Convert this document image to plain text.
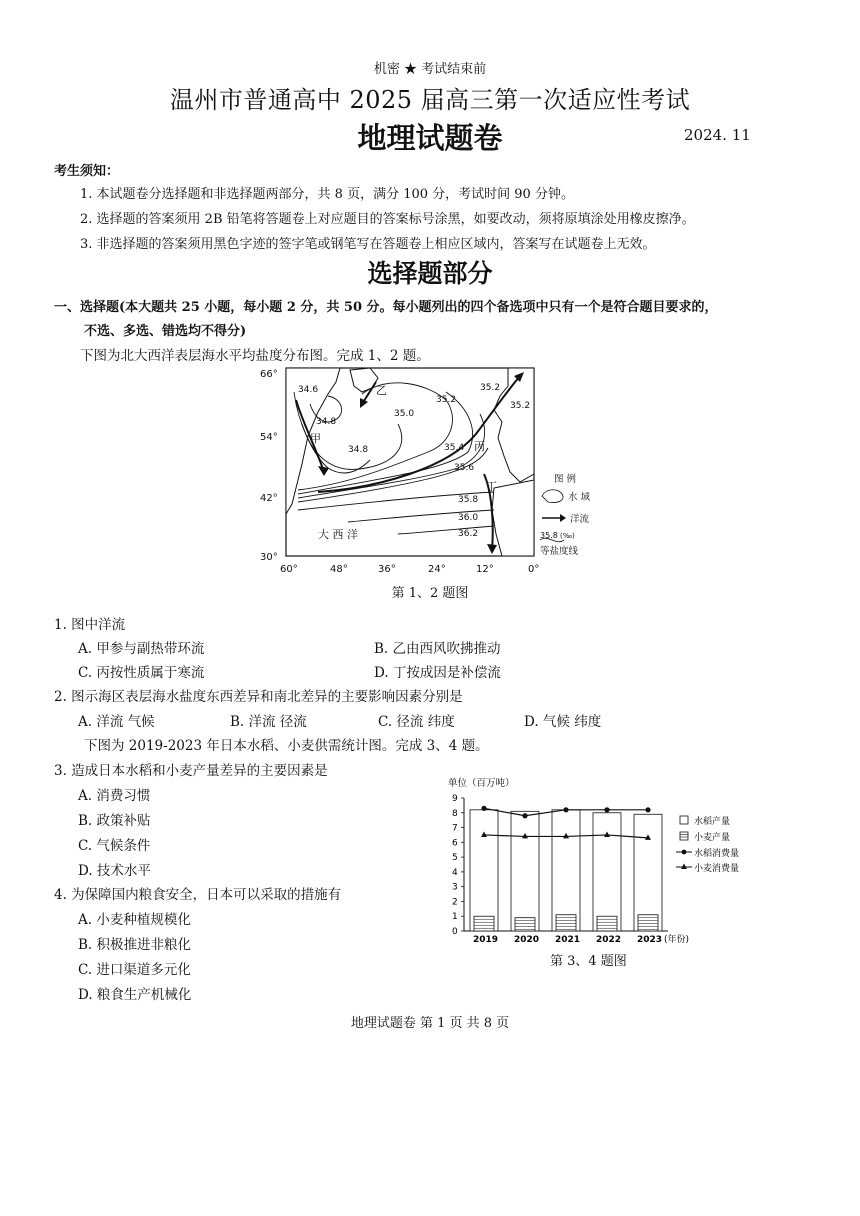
机密 ★ 考试结束前
温州市普通高中 2025 届高三第一次适应性考试
地理试题卷	2024. 11
考生须知：
1. 本试题卷分选择题和非选择题两部分，共 8 页，满分 100 分，考试时间 90 分钟。
2. 选择题的答案须用 2B 铅笔将答题卷上对应题目的答案标号涂黑，如要改动，须将原填涂处用橡皮擦净。
3. 非选择题的答案须用黑色字迹的签字笔或钢笔写在答题卷上相应区域内，答案写在试题卷上无效。
选择题部分
一、选择题(本大题共 25 小题，每小题 2 分，共 50 分。每小题列出的四个备选项中只有一个是符合题目要求的，
不选、多选、错选均不得分)
下图为北大西洋表层海水平均盐度分布图。完成 1、2 题。
66°
54°
42°
30°
60°	48°	36°	24°	12°	0°
34.6
34.8
34.8
35.0
35.2
35.2
35.2
35.4
35.6
35.8
36.0
36.2
甲
乙
丙
丁
大 西 洋
图 例
水 域
洋流
35.8 (‰)
等盐度线
第 1、2 题图
1. 图中洋流
A. 甲参与副热带环流	B. 乙由西风吹拂推动
C. 丙按性质属于寒流	D. 丁按成因是补偿流
2. 图示海区表层海水盐度东西差异和南北差异的主要影响因素分别是
A. 洋流 气候	B. 洋流 径流	C. 径流 纬度	D. 气候 纬度
下图为 2019-2023 年日本水稻、小麦供需统计图。完成 3、4 题。
3. 造成日本水稻和小麦产量差异的主要因素是
A. 消费习惯
B. 政策补贴
C. 气候条件
D. 技术水平
4. 为保障国内粮食安全，日本可以采取的措施有
A. 小麦种植规模化
B. 积极推进非粮化
C. 进口渠道多元化
D. 粮食生产机械化
单位（百万吨）
0
1
2
3
4
5
6
7
8
9
2019 2020 2021 2022 2023 (年份)
水稻产量
小麦产量
水稻消费量
小麦消费量
第 3、4 题图
地理试题卷 第 1 页 共 8 页
